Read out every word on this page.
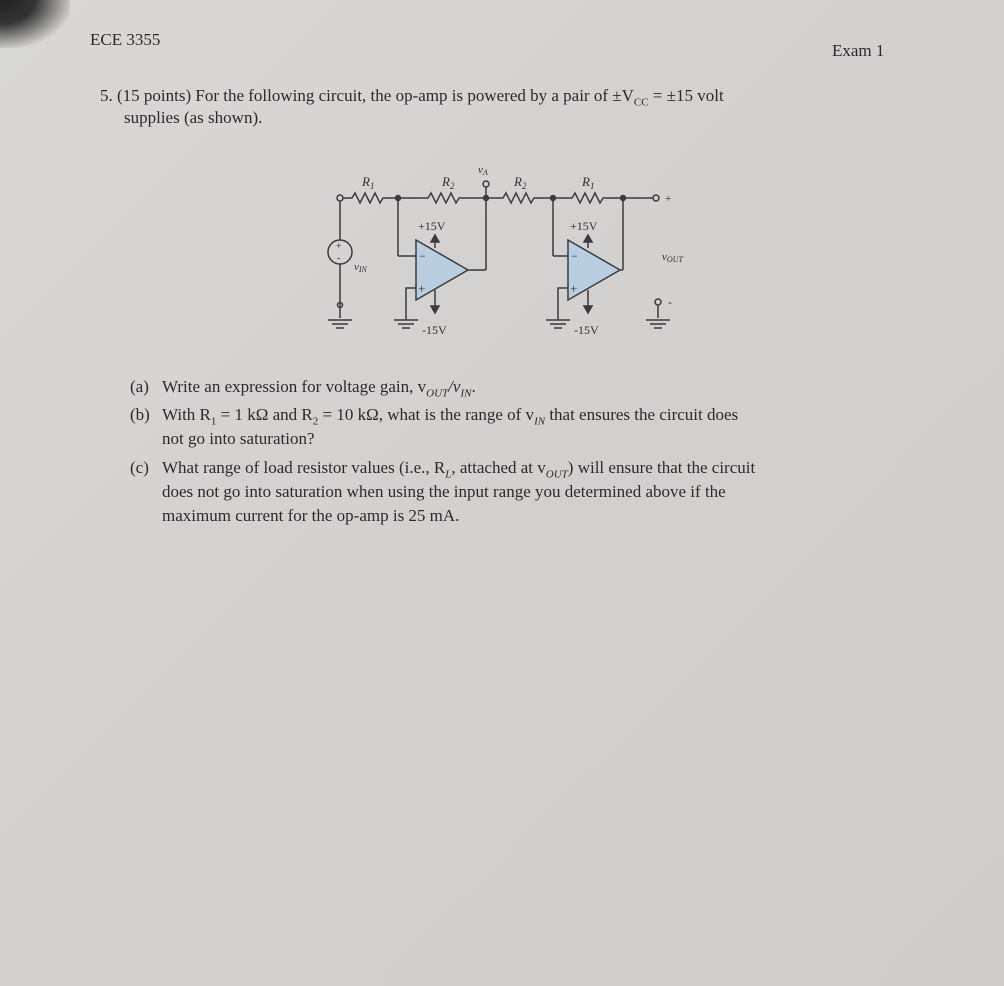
ECE 3355
Exam 1
5. (15 points) For the following circuit, the op-amp is powered by a pair of $\pm V_{CC} = \pm 15$ volt
supplies (as shown).
$R_1$	$R_2$
vA
$R_2$	$R_1$
+
+15V	+15V
-15V	-15V
vIN
vOUT
-
+
-	−
+
−
+
(a) Write an expression for voltage gain, $v_{OUT}/v_{IN}$.
(b) With $R_1 = 1$ kΩ and $R_2 = 10$ kΩ, what is the range of $v_{IN}$ that ensures the circuit does
not go into saturation?
(c) What range of load resistor values (i.e., $R_L$, attached at $v_{OUT}$) will ensure that the circuit
does not go into saturation when using the input range you determined above if the
maximum current for the op-amp is 25 mA.
